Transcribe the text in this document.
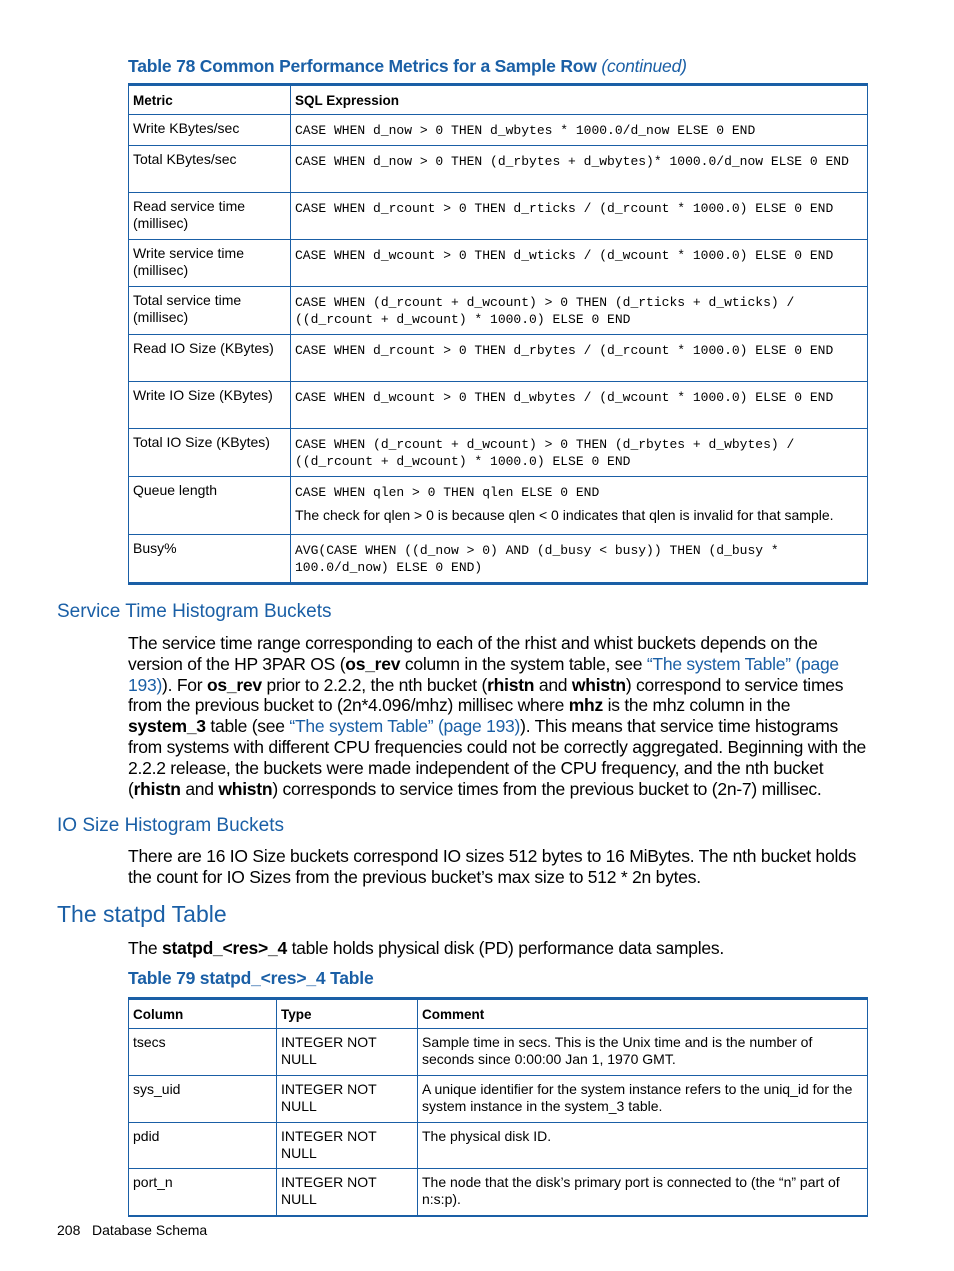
Table 78 Common Performance Metrics for a Sample Row (continued)
Metric	SQL Expression
Write KBytes/sec	CASE WHEN d_now > 0 THEN d_wbytes * 1000.0/d_now ELSE 0 END
Total KBytes/sec	CASE WHEN d_now > 0 THEN (d_rbytes + d_wbytes)* 1000.0/d_now ELSE 0 END
Read service time (millisec)	CASE WHEN d_rcount > 0 THEN d_rticks / (d_rcount * 1000.0) ELSE 0 END
Write service time (millisec)	CASE WHEN d_wcount > 0 THEN d_wticks / (d_wcount * 1000.0) ELSE 0 END
Total service time (millisec)	CASE WHEN (d_rcount + d_wcount) > 0 THEN (d_rticks + d_wticks) / ((d_rcount + d_wcount) * 1000.0) ELSE 0 END
Read IO Size (KBytes)	CASE WHEN d_rcount > 0 THEN d_rbytes / (d_rcount * 1000.0) ELSE 0 END
Write IO Size (KBytes)	CASE WHEN d_wcount > 0 THEN d_wbytes / (d_wcount * 1000.0) ELSE 0 END
Total IO Size (KBytes)	CASE WHEN (d_rcount + d_wcount) > 0 THEN (d_rbytes + d_wbytes) / ((d_rcount + d_wcount) * 1000.0) ELSE 0 END
Queue length	CASE WHEN qlen > 0 THEN qlen ELSE 0 END
The check for qlen > 0 is because qlen < 0 indicates that qlen is invalid for that sample.

Busy%	AVG(CASE WHEN ((d_now > 0) AND (d_busy < busy)) THEN (d_busy * 100.0/d_now) ELSE 0 END)
Service Time Histogram Buckets
The service time range corresponding to each of the rhist and whist buckets depends on the version of the HP 3PAR OS (os_rev column in the system table, see “The system Table” (page 193)). For os_rev prior to 2.2.2, the nth bucket (rhistn and whistn) correspond to service times from the previous bucket to (2n*4.096/mhz) millisec where mhz is the mhz column in the system_3 table (see “The system Table” (page 193)). This means that service time histograms from systems with different CPU frequencies could not be correctly aggregated. Beginning with the 2.2.2 release, the buckets were made independent of the CPU frequency, and the nth bucket (rhistn and whistn) corresponds to service times from the previous bucket to (2n-7) millisec.
IO Size Histogram Buckets
There are 16 IO Size buckets correspond IO sizes 512 bytes to 16 MiBytes. The nth bucket holds the count for IO Sizes from the previous bucket’s max size to 512 * 2n bytes.
The statpd Table
The statpd_<res>_4 table holds physical disk (PD) performance data samples.
Table 79 statpd_<res>_4 Table
Column	Type	Comment
tsecs	INTEGER NOT NULL	Sample time in secs. This is the Unix time and is the number of seconds since 0:00:00 Jan 1, 1970 GMT.
sys_uid	INTEGER NOT NULL	A unique identifier for the system instance refers to the uniq_id for the system instance in the system_3 table.
pdid	INTEGER NOT NULL	The physical disk ID.
port_n	INTEGER NOT NULL	The node that the disk’s primary port is connected to (the “n” part of n:s:p).
208 Database Schema
